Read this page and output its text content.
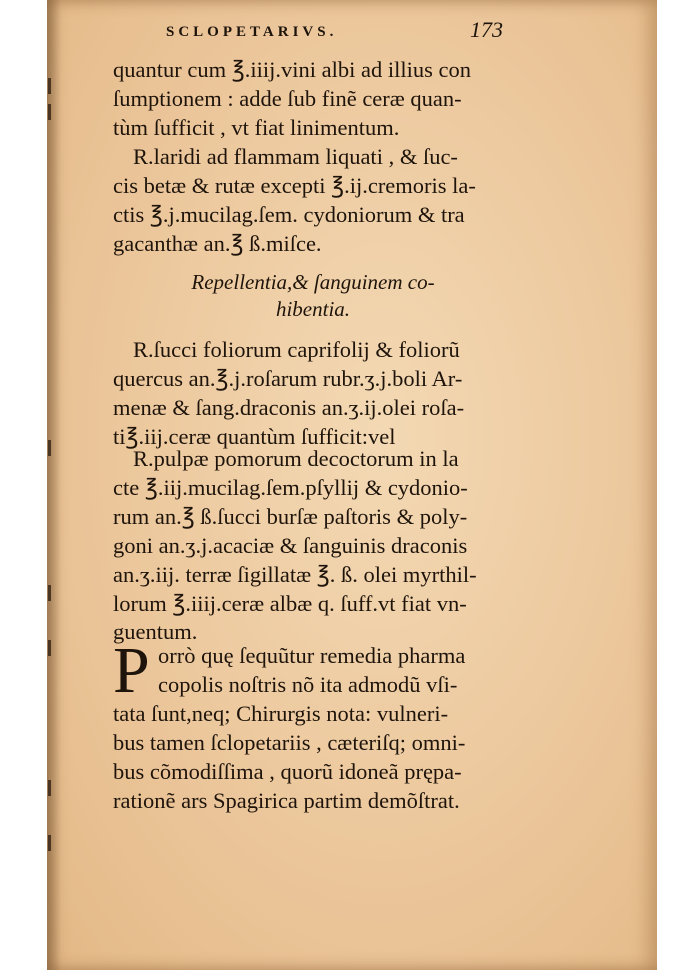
SCLOPETARIVS.	173
quantur cum ℥.iiij.vini albi ad illius con
ſumptionem : adde ſub finẽ ceræ quan-
tùm ſufficit , vt fiat linimentum.
R.laridi ad flammam liquati , & ſuc-
cis betæ & rutæ excepti ℥.ij.cremoris la-
ctis ℥.j.mucilag.ſem. cydoniorum & tra
gacanthæ an.℥ ß.miſce.
Repellentia,& ſanguinem co-
hibentia.
R.ſucci foliorum caprifolij & foliorũ
quercus an.℥.j.roſarum rubr.ʒ.j.boli Ar-
menæ & ſang.draconis an.ʒ.ij.olei roſa-
ti℥.iij.ceræ quantùm ſufficit:vel
R.pulpæ pomorum decoctorum in la
cte ℥.iij.mucilag.ſem.pſyllij & cydonio-
rum an.℥ ß.ſucci burſæ paſtoris & poly-
goni an.ʒ.j.acaciæ & ſanguinis draconis
an.ʒ.iij. terræ ſigillatæ ℥. ß. olei myrthil-
lorum ℥.iiij.ceræ albæ q. ſuff.vt fiat vn-
guentum.
P orrò quę ſequũtur remedia pharma
copolis noſtris nõ ita admodũ vſi-
tata ſunt,neq; Chirurgis nota: vulneri-
bus tamen ſclopetariis , cæteriſq; omni-
bus cõmodiſſima , quorũ idoneã prępa-
rationẽ ars Spagirica partim demõſtrat.
